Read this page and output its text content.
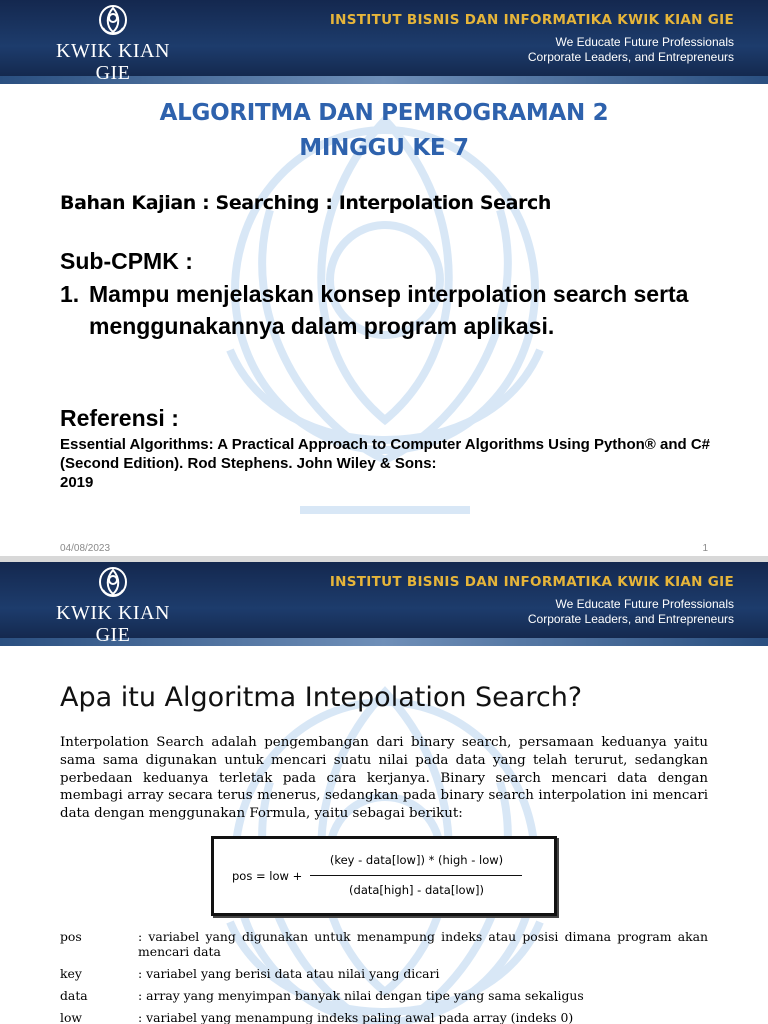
KWIK KIAN GIE
SCHOOL OF BUSINESS
INSTITUT BISNIS DAN INFORMATIKA KWIK KIAN GIE
We Educate Future Professionals
Corporate Leaders, and Entrepreneurs
ALGORITMA DAN PEMROGRAMAN 2
MINGGU KE 7
Bahan Kajian : Searching : Interpolation Search
Sub-CPMK :
1. Mampu menjelaskan konsep interpolation search serta menggunakannya dalam program aplikasi.
Referensi :
Essential Algorithms: A Practical Approach to Computer Algorithms Using Python® and C# (Second Edition). Rod Stephens. John Wiley & Sons:
2019
04/08/2023	1
KWIK KIAN GIE
SCHOOL OF BUSINESS
INSTITUT BISNIS DAN INFORMATIKA KWIK KIAN GIE
We Educate Future Professionals
Corporate Leaders, and Entrepreneurs
Apa itu Algoritma Intepolation Search?
Interpolation Search adalah pengembangan dari binary search, persamaan keduanya yaitu sama sama digunakan untuk mencari suatu nilai pada data yang telah terurut, sedangkan perbedaan keduanya terletak pada cara kerjanya. Binary search mencari data dengan membagi array secara terus menerus, sedangkan pada binary search interpolation ini mencari data dengan menggunakan Formula, yaitu sebagai berikut:
pos = low +
(key - data[low]) * (high - low)
(data[high] - data[low])
pos	: variabel yang digunakan untuk menampung indeks atau posisi dimana program akan mencari data
key	: variabel yang berisi data atau nilai yang dicari
data	: array yang menyimpan banyak nilai dengan tipe yang sama sekaligus
low	: variabel yang menampung indeks paling awal pada array (indeks 0)
